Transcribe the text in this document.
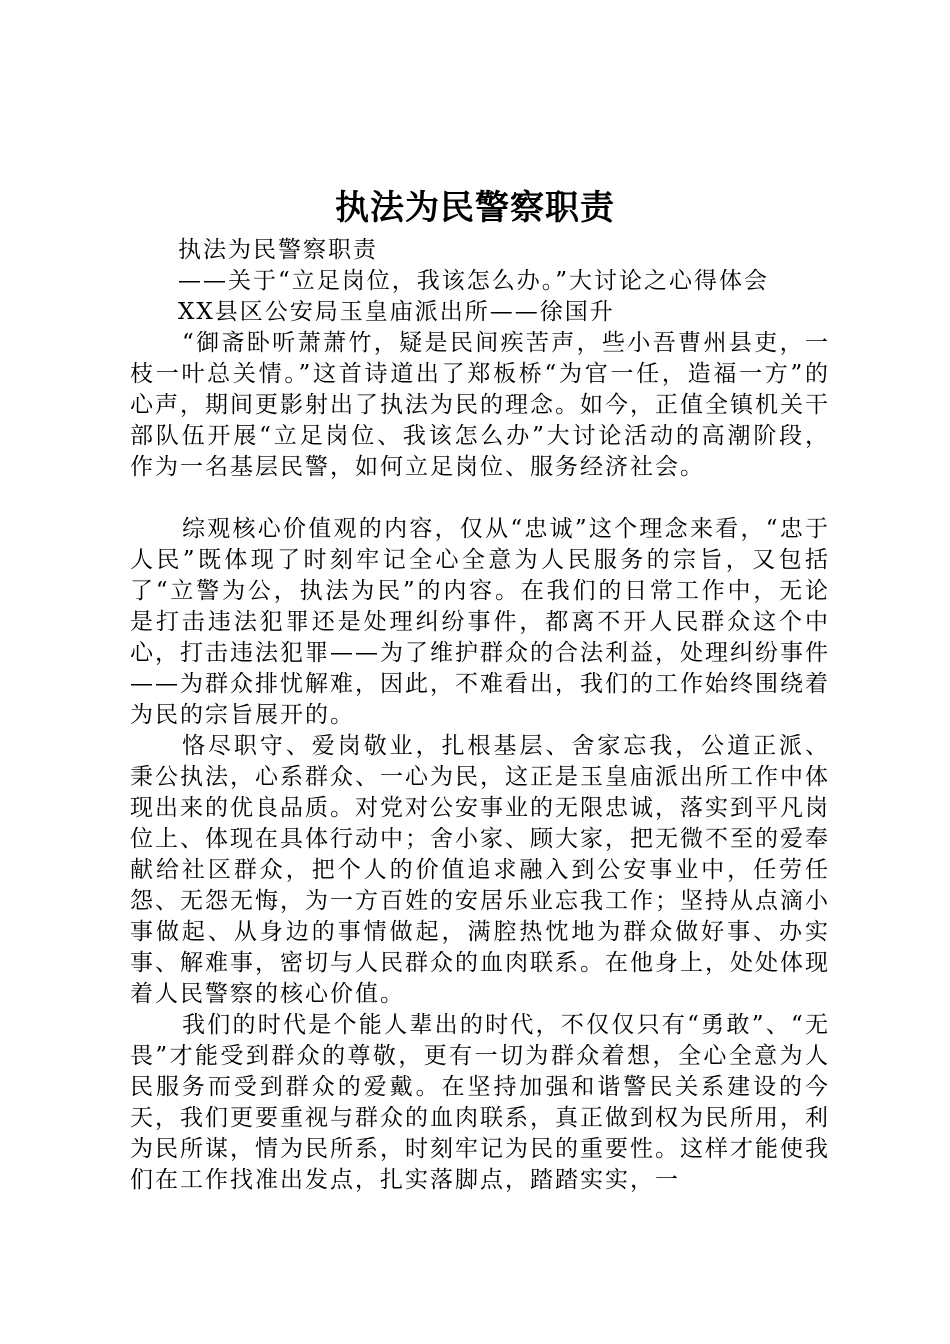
执法为民警察职责

执法为民警察职责

——关于“立足岗位，我该怎么办。”大讨论之心得体会

XX县区公安局玉皇庙派出所——徐国升

“御斋卧听萧萧竹，疑是民间疾苦声，些小吾曹州县吏，一枝一叶总关情。”这首诗道出了郑板桥“为官一任，造福一方”的心声，期间更影射出了执法为民的理念。如今，正值全镇机关干部队伍开展“立足岗位、我该怎么办”大讨论活动的高潮阶段，作为一名基层民警，如何立足岗位、服务经济社会。

综观核心价值观的内容，仅从“忠诚”这个理念来看，“忠于人民”既体现了时刻牢记全心全意为人民服务的宗旨，又包括了“立警为公，执法为民”的内容。在我们的日常工作中，无论是打击违法犯罪还是处理纠纷事件，都离不开人民群众这个中心，打击违法犯罪——为了维护群众的合法利益，处理纠纷事件——为群众排忧解难，因此，不难看出，我们的工作始终围绕着为民的宗旨展开的。

恪尽职守、爱岗敬业，扎根基层、舍家忘我，公道正派、秉公执法，心系群众、一心为民，这正是玉皇庙派出所工作中体现出来的优良品质。对党对公安事业的无限忠诚，落实到平凡岗位上、体现在具体行动中；舍小家、顾大家，把无微不至的爱奉献给社区群众，把个人的价值追求融入到公安事业中，任劳任怨、无怨无悔，为一方百姓的安居乐业忘我工作；坚持从点滴小事做起、从身边的事情做起，满腔热忱地为群众做好事、办实事、解难事，密切与人民群众的血肉联系。在他身上，处处体现着人民警察的核心价值。

我们的时代是个能人辈出的时代，不仅仅只有“勇敢”、“无畏”才能受到群众的尊敬，更有一切为群众着想，全心全意为人民服务而受到群众的爱戴。在坚持加强和谐警民关系建设的今天，我们更要重视与群众的血肉联系，真正做到权为民所用，利为民所谋，情为民所系，时刻牢记为民的重要性。这样才能使我们在工作找准出发点，扎实落脚点，踏踏实实，一
